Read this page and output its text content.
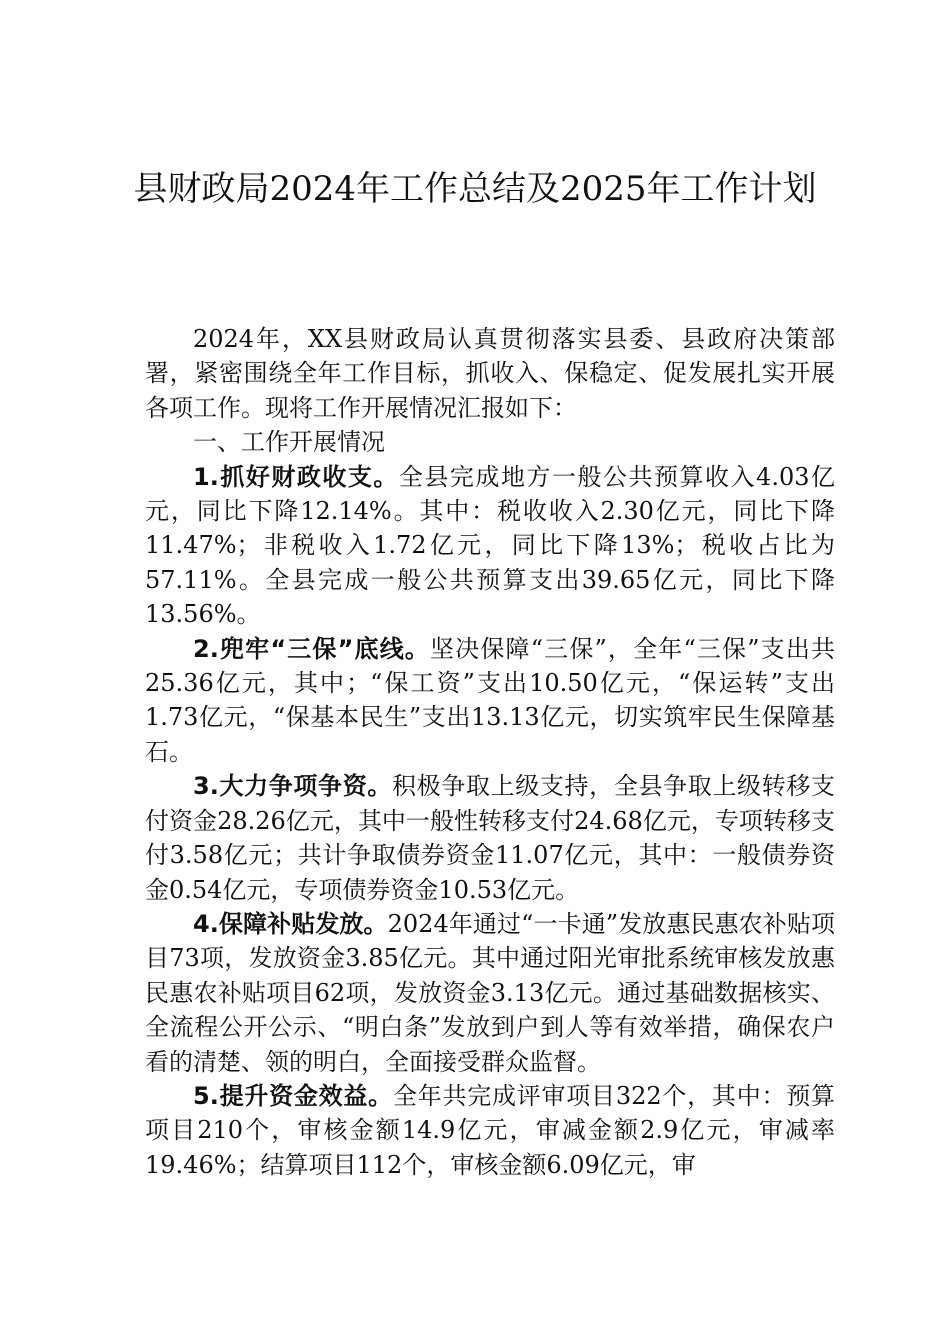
县财政局2024年工作总结及2025年工作计划

2024年，XX县财政局认真贯彻落实县委、县政府决策部署，紧密围绕全年工作目标，抓收入、保稳定、促发展扎实开展各项工作。现将工作开展情况汇报如下：

一、工作开展情况

1.抓好财政收支。全县完成地方一般公共预算收入4.03亿元，同比下降12.14%。其中：税收收入2.30亿元，同比下降11.47%；非税收入1.72亿元，同比下降13%；税收占比为57.11%。全县完成一般公共预算支出39.65亿元，同比下降13.56%。

2.兜牢“三保”底线。坚决保障“三保”，全年“三保”支出共25.36亿元，其中；“保工资”支出10.50亿元，“保运转”支出1.73亿元，“保基本民生”支出13.13亿元，切实筑牢民生保障基石。

3.大力争项争资。积极争取上级支持，全县争取上级转移支付资金28.26亿元，其中一般性转移支付24.68亿元，专项转移支付3.58亿元；共计争取债券资金11.07亿元，其中：一般债券资金0.54亿元，专项债券资金10.53亿元。

4.保障补贴发放。2024年通过“一卡通”发放惠民惠农补贴项目73项，发放资金3.85亿元。其中通过阳光审批系统审核发放惠民惠农补贴项目62项，发放资金3.13亿元。通过基础数据核实、全流程公开公示、“明白条”发放到户到人等有效举措，确保农户看的清楚、领的明白，全面接受群众监督。

5.提升资金效益。全年共完成评审项目322个，其中：预算项目210个，审核金额14.9亿元，审减金额2.9亿元，审减率19.46%；结算项目112个，审核金额6.09亿元，审
